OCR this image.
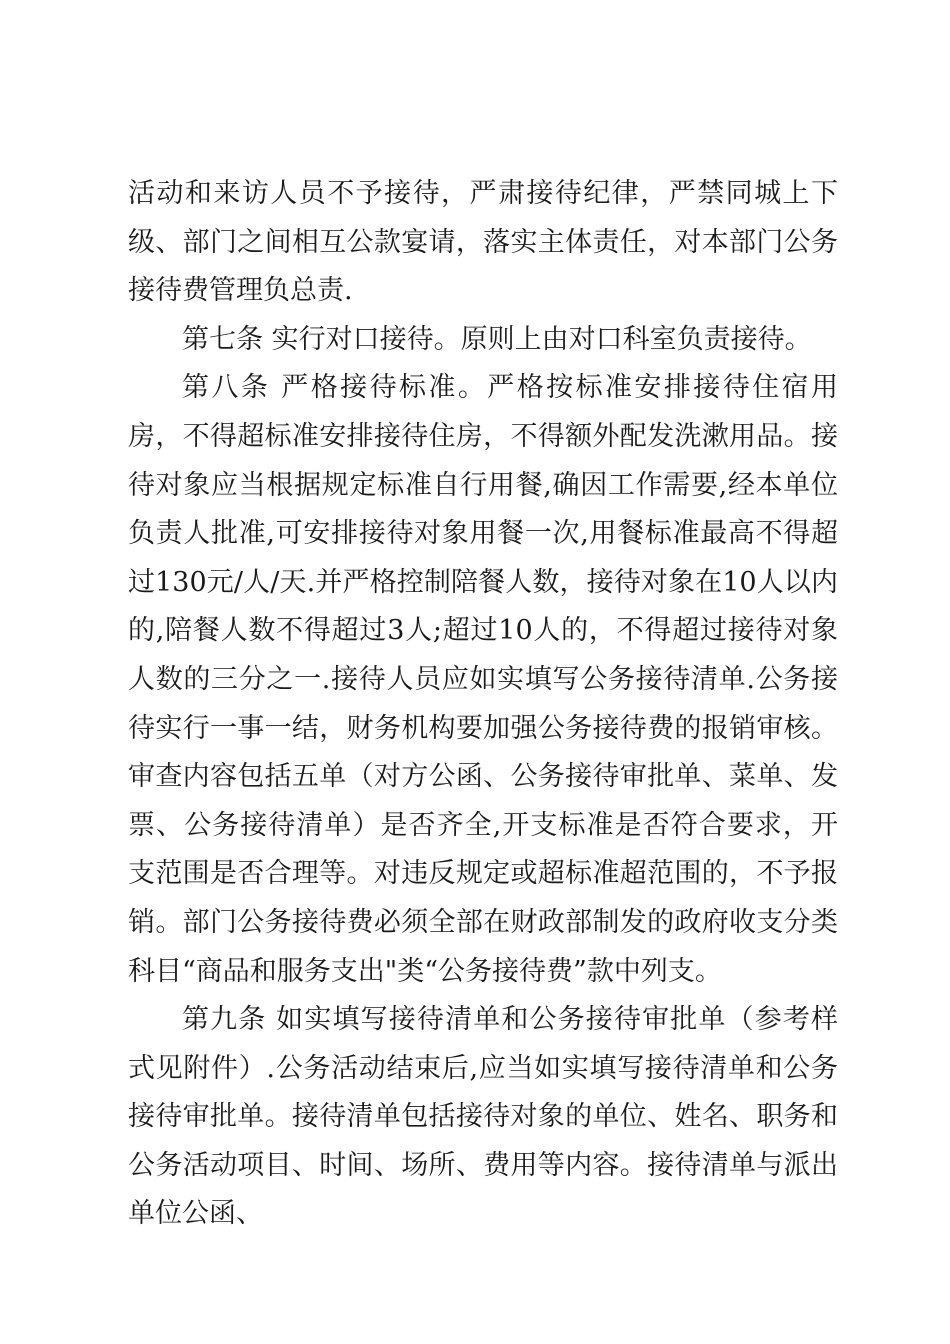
活动和来访人员不予接待，严肃接待纪律，严禁同城上下级、部门之间相互公款宴请，落实主体责任，对本部门公务接待费管理负总责.

第七条 实行对口接待。原则上由对口科室负责接待。

第八条 严格接待标准。严格按标准安排接待住宿用房，不得超标准安排接待住房，不得额外配发洗漱用品。接待对象应当根据规定标准自行用餐,确因工作需要,经本单位负责人批准,可安排接待对象用餐一次,用餐标准最高不得超过130元/人/天.并严格控制陪餐人数，接待对象在10人以内的,陪餐人数不得超过3人;超过10人的，不得超过接待对象人数的三分之一.接待人员应如实填写公务接待清单.公务接待实行一事一结，财务机构要加强公务接待费的报销审核。审查内容包括五单（对方公函、公务接待审批单、菜单、发票、公务接待清单）是否齐全,开支标准是否符合要求，开支范围是否合理等。对违反规定或超标准超范围的，不予报销。部门公务接待费必须全部在财政部制发的政府收支分类科目“商品和服务支出"类“公务接待费”款中列支。

第九条 如实填写接待清单和公务接待审批单（参考样式见附件）.公务活动结束后,应当如实填写接待清单和公务接待审批单。接待清单包括接待对象的单位、姓名、职务和公务活动项目、时间、场所、费用等内容。接待清单与派出单位公函、
